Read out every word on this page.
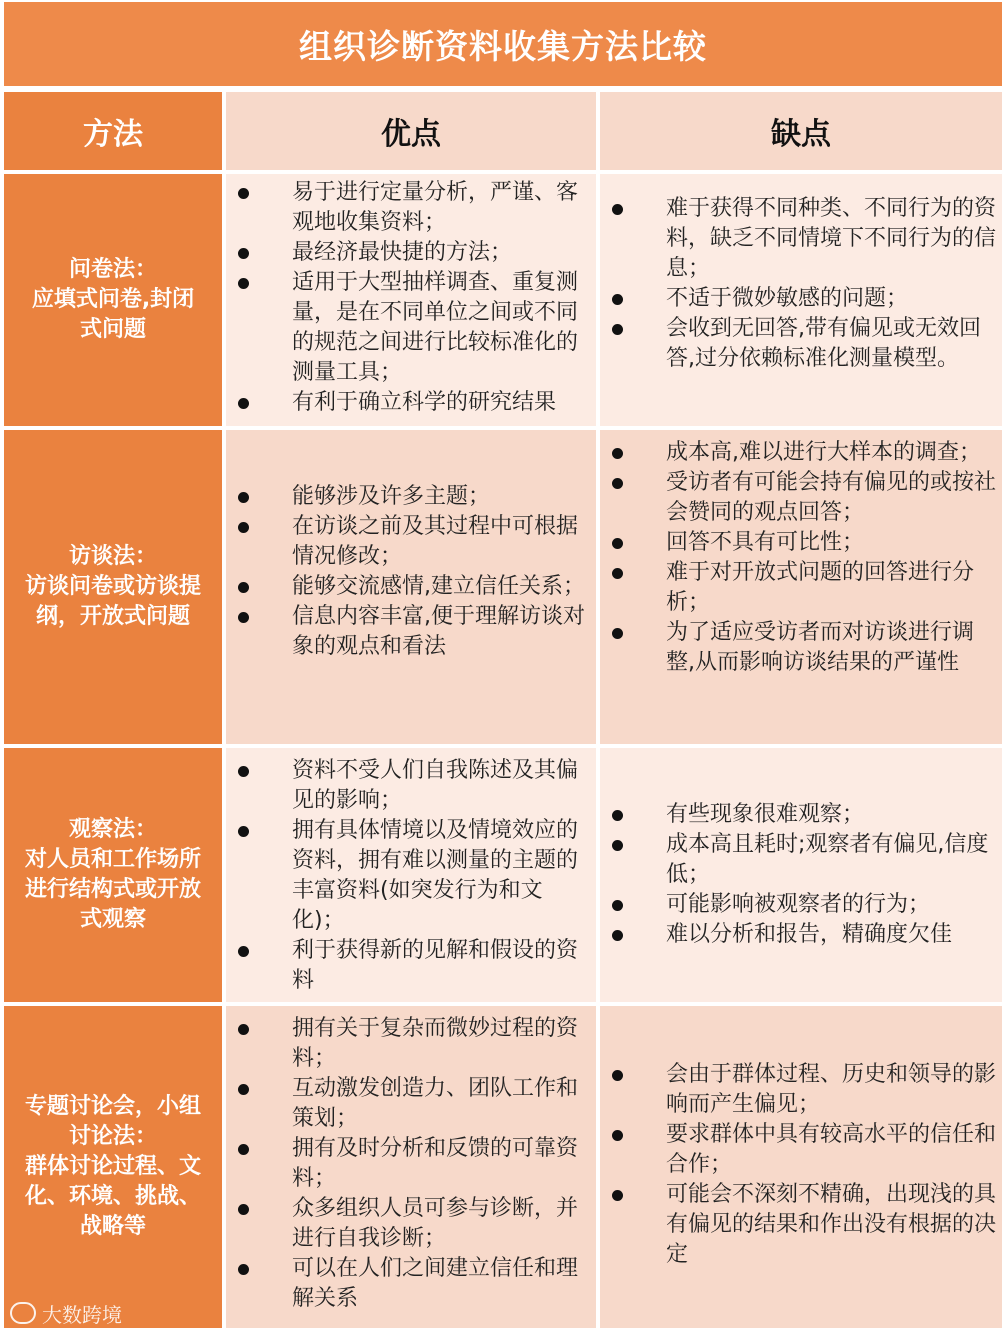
组织诊断资料收集方法比较
方法	优点	缺点
问卷法：
应填式问卷,封闭
式问题
易于进行定量分析，严谨、客观地收集资料；
最经济最快捷的方法；
适用于大型抽样调查、重复测量，是在不同单位之间或不同的规范之间进行比较标准化的测量工具；
有利于确立科学的研究结果
难于获得不同种类、不同行为的资料，缺乏不同情境下不同行为的信息；
不适于微妙敏感的问题；
会收到无回答,带有偏见或无效回答,过分依赖标准化测量模型。
访谈法：
访谈问卷或访谈提
纲，开放式问题
能够涉及许多主题；
在访谈之前及其过程中可根据情况修改；
能够交流感情,建立信任关系；
信息内容丰富,便于理解访谈对象的观点和看法
成本高,难以进行大样本的调查；
受访者有可能会持有偏见的或按社会赞同的观点回答；
回答不具有可比性；
难于对开放式问题的回答进行分析；
为了适应受访者而对访谈进行调整,从而影响访谈结果的严谨性
观察法：
对人员和工作场所
进行结构式或开放
式观察
资料不受人们自我陈述及其偏见的影响；
拥有具体情境以及情境效应的资料，拥有难以测量的主题的丰富资料(如突发行为和文化)；
利于获得新的见解和假设的资料
有些现象很难观察；
成本高且耗时;观察者有偏见,信度低；
可能影响被观察者的行为；
难以分析和报告，精确度欠佳
专题讨论会，小组
讨论法：
群体讨论过程、文
化、环境、挑战、
战略等
拥有关于复杂而微妙过程的资料；
互动激发创造力、团队工作和策划；
拥有及时分析和反馈的可靠资料；
众多组织人员可参与诊断，并进行自我诊断；
可以在人们之间建立信任和理解关系
会由于群体过程、历史和领导的影响而产生偏见；
要求群体中具有较高水平的信任和合作；
可能会不深刻不精确，出现浅的具有偏见的结果和作出没有根据的决定
大数跨境
